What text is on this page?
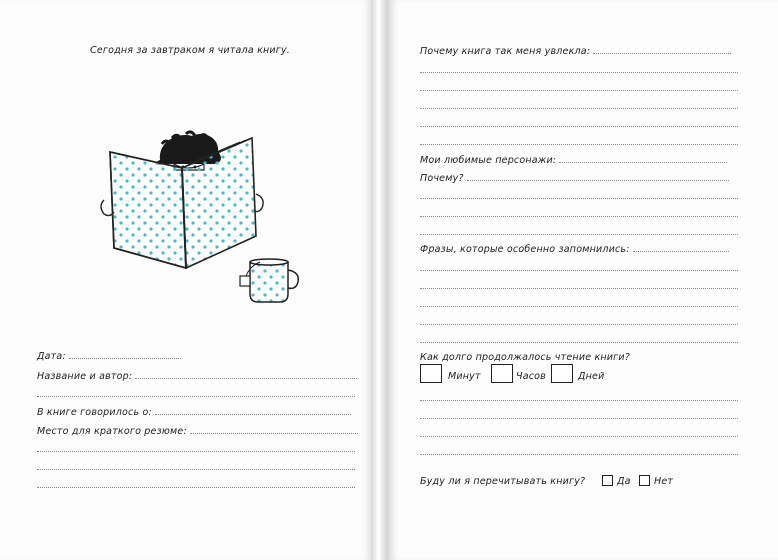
Сегодня за завтраком я читала книгу.
Дата:
Название и автор:
В книге говорилось о:
Место для краткого резюме:
Почему книга так меня увлекла:
Мои любимые персонажи:
Почему?
Фразы, которые особенно запомнились:
Как долго продолжалось чтение книги?
Минут	Часов	Дней
Буду ли я перечитывать книгу?	Да Нет
